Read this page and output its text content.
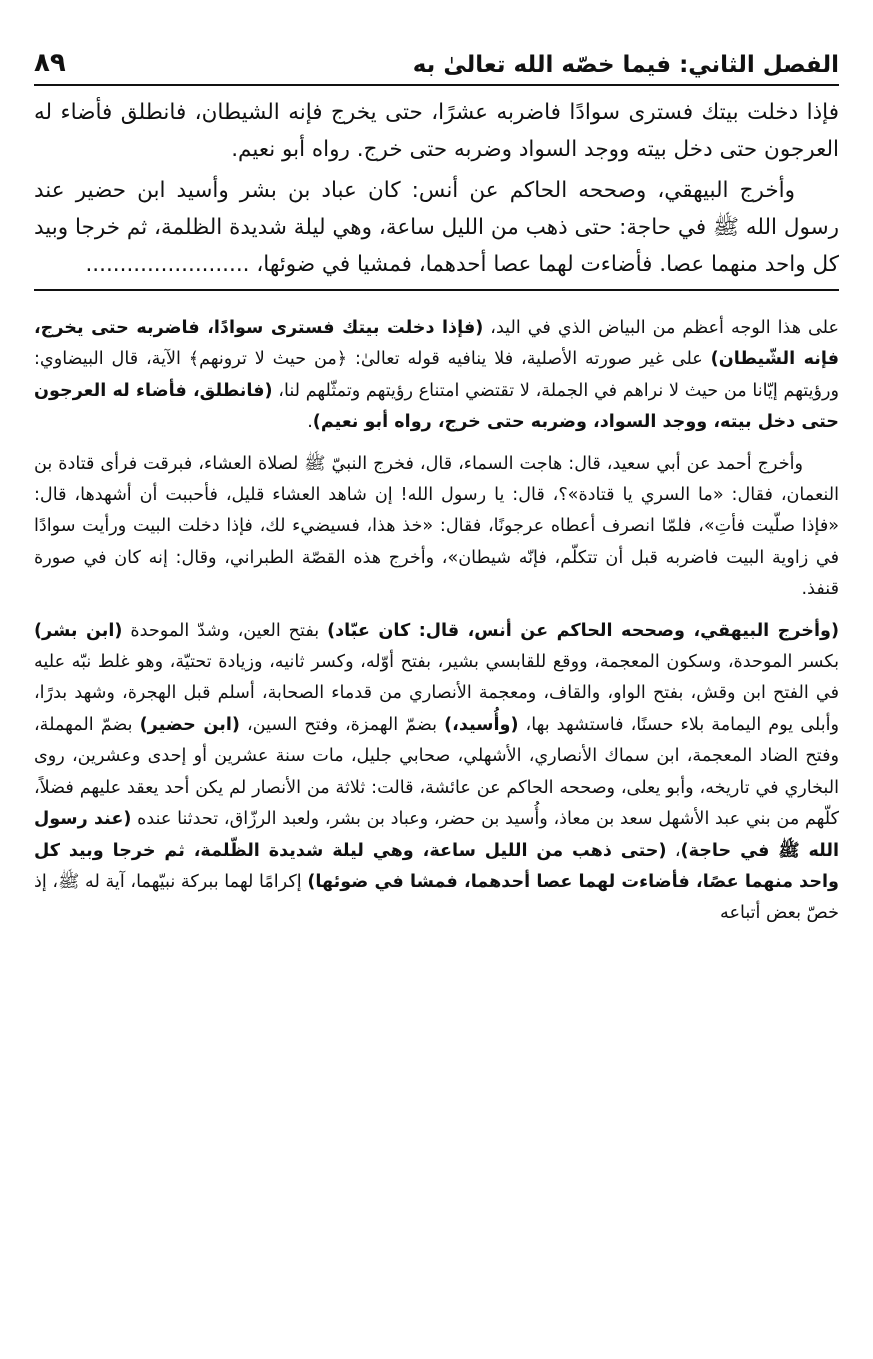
الفصل الثاني: فيما خصّه الله تعالىٰ به
٨٩

فإذا دخلت بيتك فسترى سوادًا فاضربه عشرًا، حتى يخرج فإنه الشيطان، فانطلق فأضاء له العرجون حتى دخل بيته ووجد السواد وضربه حتى خرج. رواه أبو نعيم.

وأخرج البيهقي، وصححه الحاكم عن أنس: كان عباد بن بشر وأسيد ابن حضير عند رسول الله ﷺ في حاجة: حتى ذهب من الليل ساعة، وهي ليلة شديدة الظلمة، ثم خرجا وبيد كل واحد منهما عصا. فأضاءت لهما عصا أحدهما، فمشيا في ضوئها، ........................

على هذا الوجه أعظم من البياض الذي في اليد، (فإذا دخلت بيتك فسترى سوادًا، فاضربه حتى يخرج، فإنه الشّيطان) على غير صورته الأصلية، فلا ينافيه قوله تعالىٰ: ﴿من حيث لا ترونهم﴾ الآية، قال البيضاوي: ورؤيتهم إيّانا من حيث لا نراهم في الجملة، لا تقتضي امتناع رؤيتهم وتمثّلهم لنا، (فانطلق، فأضاء له العرجون حتى دخل بيته، ووجد السواد، وضربه حتى خرج، رواه أبو نعيم).

وأخرج أحمد عن أبي سعيد، قال: هاجت السماء، قال، فخرج النبيّ ﷺ لصلاة العشاء، فبرقت فرأى قتادة بن النعمان، فقال: «ما السري يا قتادة»؟، قال: يا رسول الله! إن شاهد العشاء قليل، فأحببت أن أشهدها، قال: «فإذا صلّيت فأتِ»، فلمّا انصرف أعطاه عرجونًا، فقال: «خذ هذا، فسيضيء لك، فإذا دخلت البيت ورأيت سوادًا في زاوية البيت فاضربه قبل أن تتكلّم، فإنّه شيطان»، وأخرج هذه القصّة الطبراني، وقال: إنه كان في صورة قنفذ.

(وأخرج البيهقي، وصححه الحاكم عن أنس، قال: كان عبّاد) بفتح العين، وشدّ الموحدة (ابن بشر) بكسر الموحدة، وسكون المعجمة، ووقع للقابسي بشير، بفتح أوّله، وكسر ثانيه، وزيادة تحتيّة، وهو غلط نبّه عليه في الفتح ابن وقش، بفتح الواو، والقاف، ومعجمة الأنصاري من قدماء الصحابة، أسلم قبل الهجرة، وشهد بدرًا، وأبلى يوم اليمامة بلاء حسنًا، فاستشهد بها، (وأُسيد،) بضمّ الهمزة، وفتح السين، (ابن حضير) بضمّ المهملة، وفتح الضاد المعجمة، ابن سماك الأنصاري، الأشهلي، صحابي جليل، مات سنة عشرين أو إحدى وعشرين، روى البخاري في تاريخه، وأبو يعلى، وصححه الحاكم عن عائشة، قالت: ثلاثة من الأنصار لم يكن أحد يعقد عليهم فضلاً، كلّهم من بني عبد الأشهل سعد بن معاذ، وأُسيد بن حضر، وعباد بن بشر، ولعبد الرزّاق، تحدثنا عنده (عند رسول الله ﷺ في حاجة)، (حتى ذهب من الليل ساعة، وهي ليلة شديدة الظّلمة، ثم خرجا وبيد كل واحد منهما عصًا، فأضاءت لهما عصا أحدهما، فمشا في ضوئها) إكرامًا لهما ببركة نبيّهما، آية له ﷺ، إذ خصّ بعض أتباعه
